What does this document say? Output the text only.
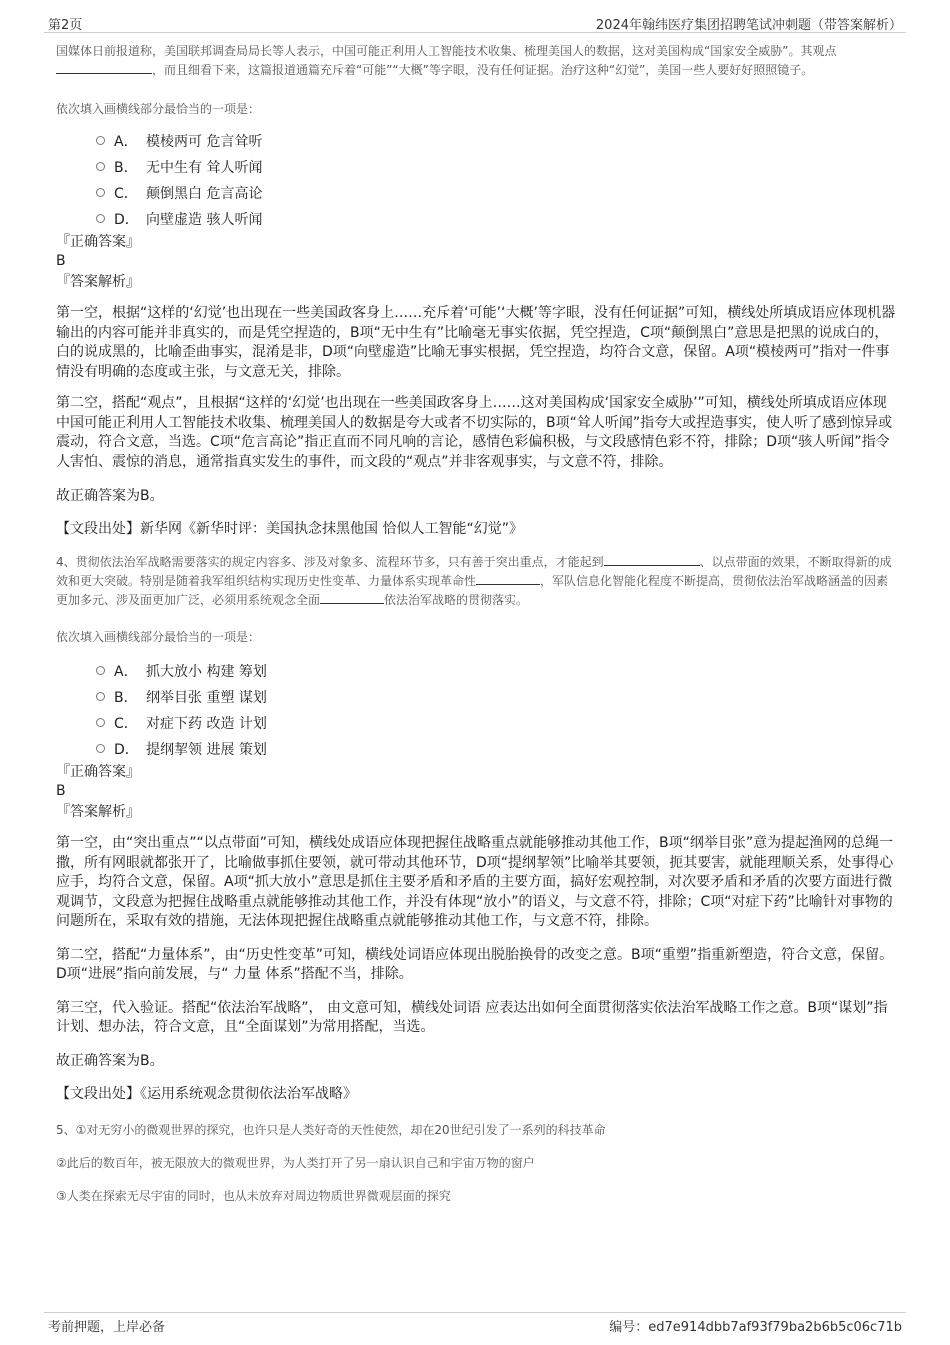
第2页	2024年翰纬医疗集团招聘笔试冲刺题（带答案解析）

国媒体日前报道称，美国联邦调查局局长等人表示，中国可能正利用人工智能技术收集、梳理美国人的数据，这对美国构成“国家安全威胁”。其观点，而且细看下来，这篇报道通篇充斥着“可能”“大概”等字眼，没有任何证据。治疗这种“幻觉”，美国一些人要好好照照镜子。

依次填入画横线部分最恰当的一项是：
A． 模棱两可 危言耸听
B． 无中生有 耸人听闻
C． 颠倒黑白 危言高论
D． 向壁虚造 骇人听闻
『正确答案』
B
『答案解析』

第一空，根据“这样的‘幻觉’也出现在一些美国政客身上……充斥着‘可能’‘大概’等字眼，没有任何证据”可知，横线处所填成语应体现机器输出的内容可能并非真实的，而是凭空捏造的，B项“无中生有”比喻毫无事实依据，凭空捏造，C项“颠倒黑白”意思是把黑的说成白的，白的说成黑的，比喻歪曲事实，混淆是非，D项“向壁虚造”比喻无事实根据，凭空捏造，均符合文意，保留。A项“模棱两可”指对一件事情没有明确的态度或主张，与文意无关，排除。

第二空，搭配“观点”，且根据“这样的‘幻觉’也出现在一些美国政客身上……这对美国构成‘国家安全威胁’”可知，横线处所填成语应体现中国可能正利用人工智能技术收集、梳理美国人的数据是夸大或者不切实际的，B项“耸人听闻”指夸大或捏造事实，使人听了感到惊异或震动，符合文意，当选。C项“危言高论”指正直而不同凡响的言论，感情色彩偏积极，与文段感情色彩不符，排除；D项“骇人听闻”指令人害怕、震惊的消息，通常指真实发生的事件，而文段的“观点”并非客观事实，与文意不符，排除。

故正确答案为B。

【文段出处】新华网《新华时评：美国执念抹黑他国 恰似人工智能“幻觉”》

4、贯彻依法治军战略需要落实的规定内容多、涉及对象多、流程环节多，只有善于突出重点，才能起到	、以点带面的效果，不断取得新的成效和更大突破。特别是随着我军组织结构实现历史性变革、力量体系实现革命性	，军队信息化智能化程度不断提高，贯彻依法治军战略涵盖的因素更加多元、涉及面更加广泛，必须用系统观念全面	依法治军战略的贯彻落实。

依次填入画横线部分最恰当的一项是：
A． 抓大放小 构建 筹划
B． 纲举目张 重塑 谋划
C． 对症下药 改造 计划
D． 提纲挈领 进展 策划
『正确答案』
B
『答案解析』

第一空，由“突出重点”“以点带面”可知，横线处成语应体现把握住战略重点就能够推动其他工作，B项“纲举目张”意为提起渔网的总绳一撒，所有网眼就都张开了，比喻做事抓住要领，就可带动其他环节，D项“提纲挈领”比喻举其要领，扼其要害，就能理顺关系，处事得心应手，均符合文意，保留。A项“抓大放小”意思是抓住主要矛盾和矛盾的主要方面，搞好宏观控制，对次要矛盾和矛盾的次要方面进行微观调节，文段意为把握住战略重点就能够推动其他工作，并没有体现“放小”的语义，与文意不符，排除；C项“对症下药”比喻针对事物的问题所在，采取有效的措施，无法体现把握住战略重点就能够推动其他工作，与文意不符，排除。

第二空，搭配“力量体系”，由“历史性变革”可知，横线处词语应体现出脱胎换骨的改变之意。B项“重塑”指重新塑造，符合文意，保留。D项“进展”指向前发展，与“ 力量 体系”搭配不当，排除。

第三空，代入验证。搭配“依法治军战略”， 由文意可知，横线处词语 应表达出如何全面贯彻落实依法治军战略工作之意。B项“谋划”指计划、想办法，符合文意，且“全面谋划”为常用搭配，当选。

故正确答案为B。

【文段出处】《运用系统观念贯彻依法治军战略》

5、①对无穷小的微观世界的探究，也许只是人类好奇的天性使然，却在20世纪引发了一系列的科技革命
②此后的数百年，被无限放大的微观世界，为人类打开了另一扇认识自己和宇宙万物的窗户
③人类在探索无尽宇宙的同时，也从未放弃对周边物质世界微观层面的探究
考前押题，上岸必备	编号：ed7e914dbb7af93f79ba2b6b5c06c71b
